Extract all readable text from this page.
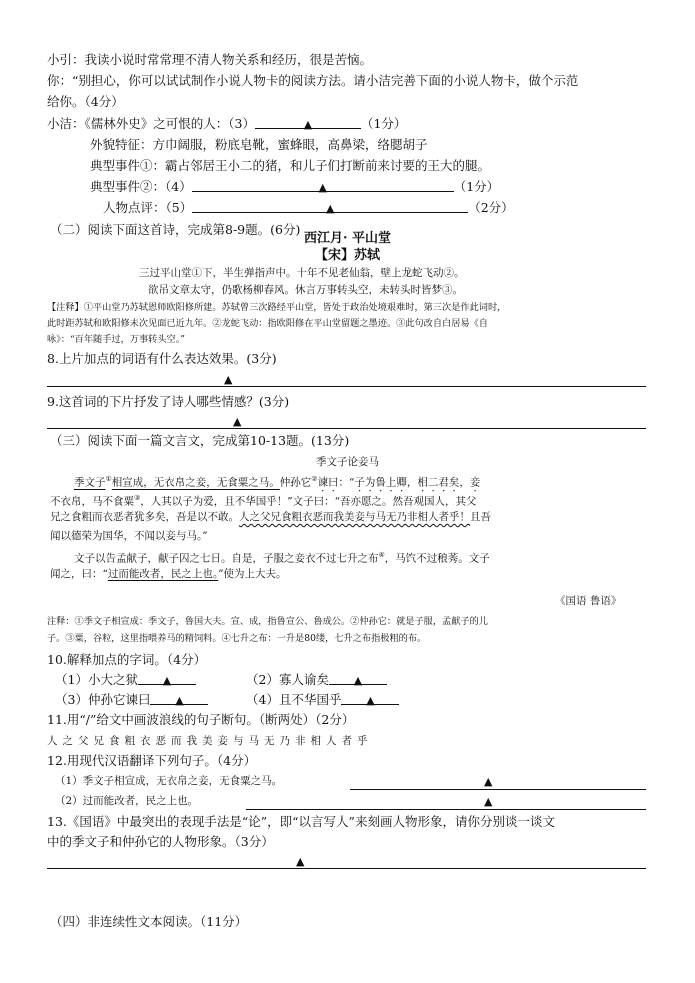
小引：我读小说时常常理不清人物关系和经历，很是苦恼。
你：“别担心，你可以试试制作小说人物卡的阅读方法。请小洁完善下面的小说人物卡，做个示范
给你。（4分）
小洁：《儒林外史》之可恨的人：（3）	▲	（1分）
外貌特征：方巾阔服，粉底皂靴，蜜蜂眼，高鼻梁，络腮胡子
典型事件①：霸占邻居王小二的猪，和儿子们打断前来讨要的王大的腿。
典型事件②：（4）	▲	（1分）
人物点评：（5）	▲	（2分）
（二）阅读下面这首诗，完成第8-9题。(6分)
西江月· 平山堂
【宋】苏轼
三过平山堂①下，半生弹指声中。十年不见老仙翁，壁上龙蛇飞动②。
欲吊文章太守，仍歌杨柳春风。休言万事转头空，未转头时皆梦③。
【注释】①平山堂乃苏轼恩师欧阳修所建。苏轼曾三次路经平山堂，皆处于政治处境艰难时，第三次是作此词时，
此时距苏轼和欧阳修未次见面已近九年。②龙蛇飞动：指欧阳修在平山堂留题之墨迹。③此句改自白居易《自
咏》：“百年随手过，万事转头空。”
8.上片加点的词语有什么表达效果。(3分)
▲
9.这首词的下片抒发了诗人哪些情感？(3分)
▲
（三）阅读下面一篇文言文，完成第10-13题。(13分)
季文子论妾马
季文子①相宣成，无衣帛之妾，无食粟之马。仲孙它②谏曰：“子为鲁上卿，相二君矣，妾
不衣帛，马不食粟③，人其以子为爱，且不华国乎！”文子曰：“吾亦愿之。然吾观国人，其父
兄之食粗而衣恶者犹多矣，吾是以不敢。人之父兄食粗衣恶而我美妾与马无乃非相人者乎！且吾
闻以德荣为国华，不闻以妾与马。”
文子以告孟献子，献子囚之七日。自是，子服之妾衣不过七升之布④，马饩不过稂莠。文子
闻之，曰：“过而能改者，民之上也。”使为上大夫。
《国语 鲁语》
注释：①季文子相宣成：季文子，鲁国大夫。宣、成，指鲁宣公、鲁成公。②仲孙它：就是子服，孟献子的儿
子。③粟，谷粒，这里指喂养马的精饲料。④七升之布：一升是80缕，七升之布指极粗的布。
10.解释加点的字词。（4分）
（1）小大之狱 ▲	（2）寡人谕矣 ▲
（3）仲孙它谏曰 ▲	（4）且不华国乎 ▲
11.用“/”给文中画波浪线的句子断句。（断两处）（2分）
人之父兄食粗衣恶而我美妾与马无乃非相人者乎
12.用现代汉语翻译下列句子。（4分）
（1）季文子相宣成，无衣帛之妾，无食粟之马。	▲
（2）过而能改者，民之上也。	▲
13.《国语》中最突出的表现手法是“论”，即“以言写人”来刻画人物形象，请你分别谈一谈文
中的季文子和仲孙它的人物形象。（3分）
▲
（四）非连续性文本阅读。（11分）
